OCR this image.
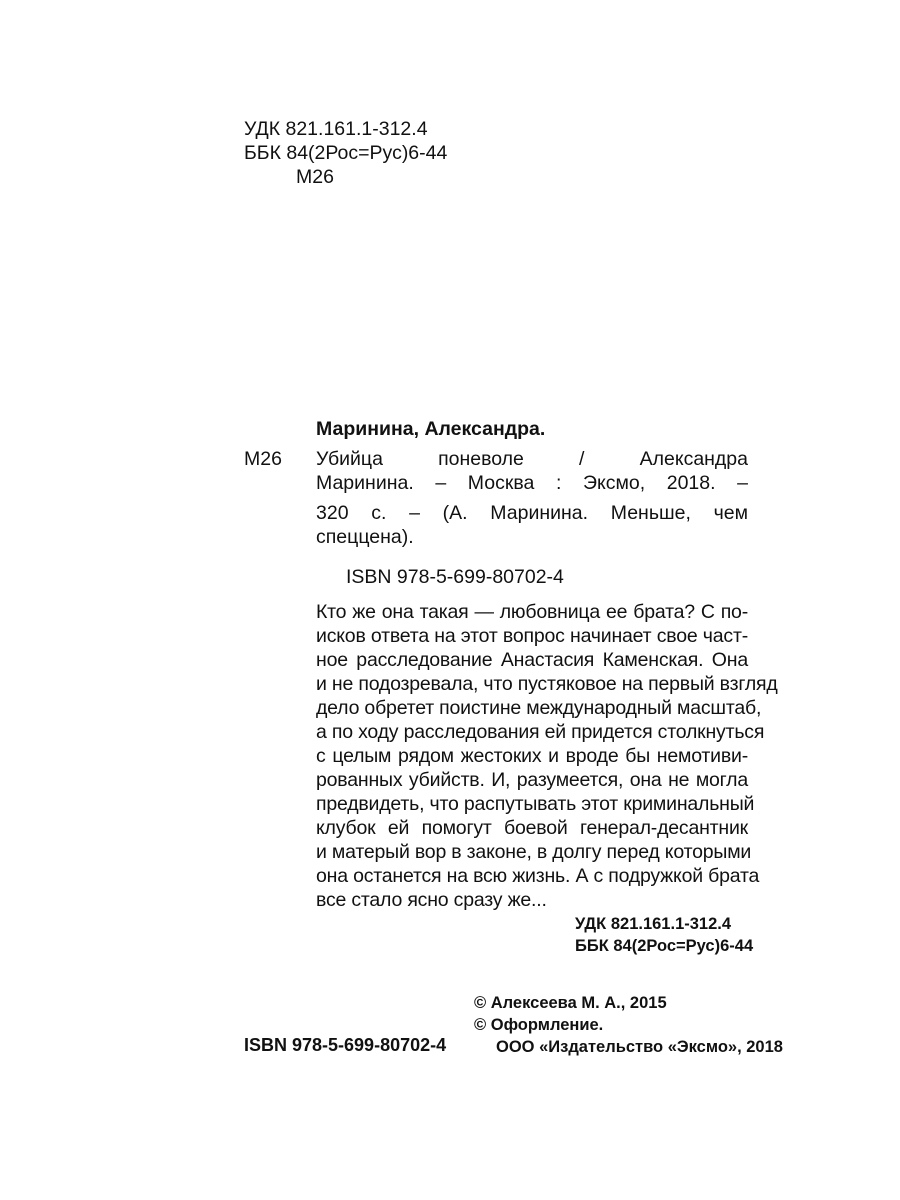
УДК 821.161.1-312.4
ББК 84(2Рос=Рус)6-44
М26
Маринина, Александра.
М26 Убийца поневоле / Александра
Маринина. – Москва : Эксмо, 2018. –
320 с. – (А. Маринина. Меньше, чем
спеццена).
ISBN 978-5-699-80702-4
Кто же она такая — любовница ее брата? С по-
исков ответа на этот вопрос начинает свое част-
ное расследование Анастасия Каменская. Она
и не подозревала, что пустяковое на первый взгляд
дело обретет поистине международный масштаб,
а по ходу расследования ей придется столкнуться
с целым рядом жестоких и вроде бы немотиви-
рованных убийств. И, разумеется, она не могла
предвидеть, что распутывать этот криминальный
клубок ей помогут боевой генерал-десантник
и матерый вор в законе, в долгу перед которыми
она останется на всю жизнь. А с подружкой брата
все стало ясно сразу же...
УДК 821.161.1-312.4
ББК 84(2Рос=Рус)6-44
© Алексеева М. А., 2015
© Оформление.
ООО «Издательство «Эксмо», 2018
ISBN 978-5-699-80702-4
